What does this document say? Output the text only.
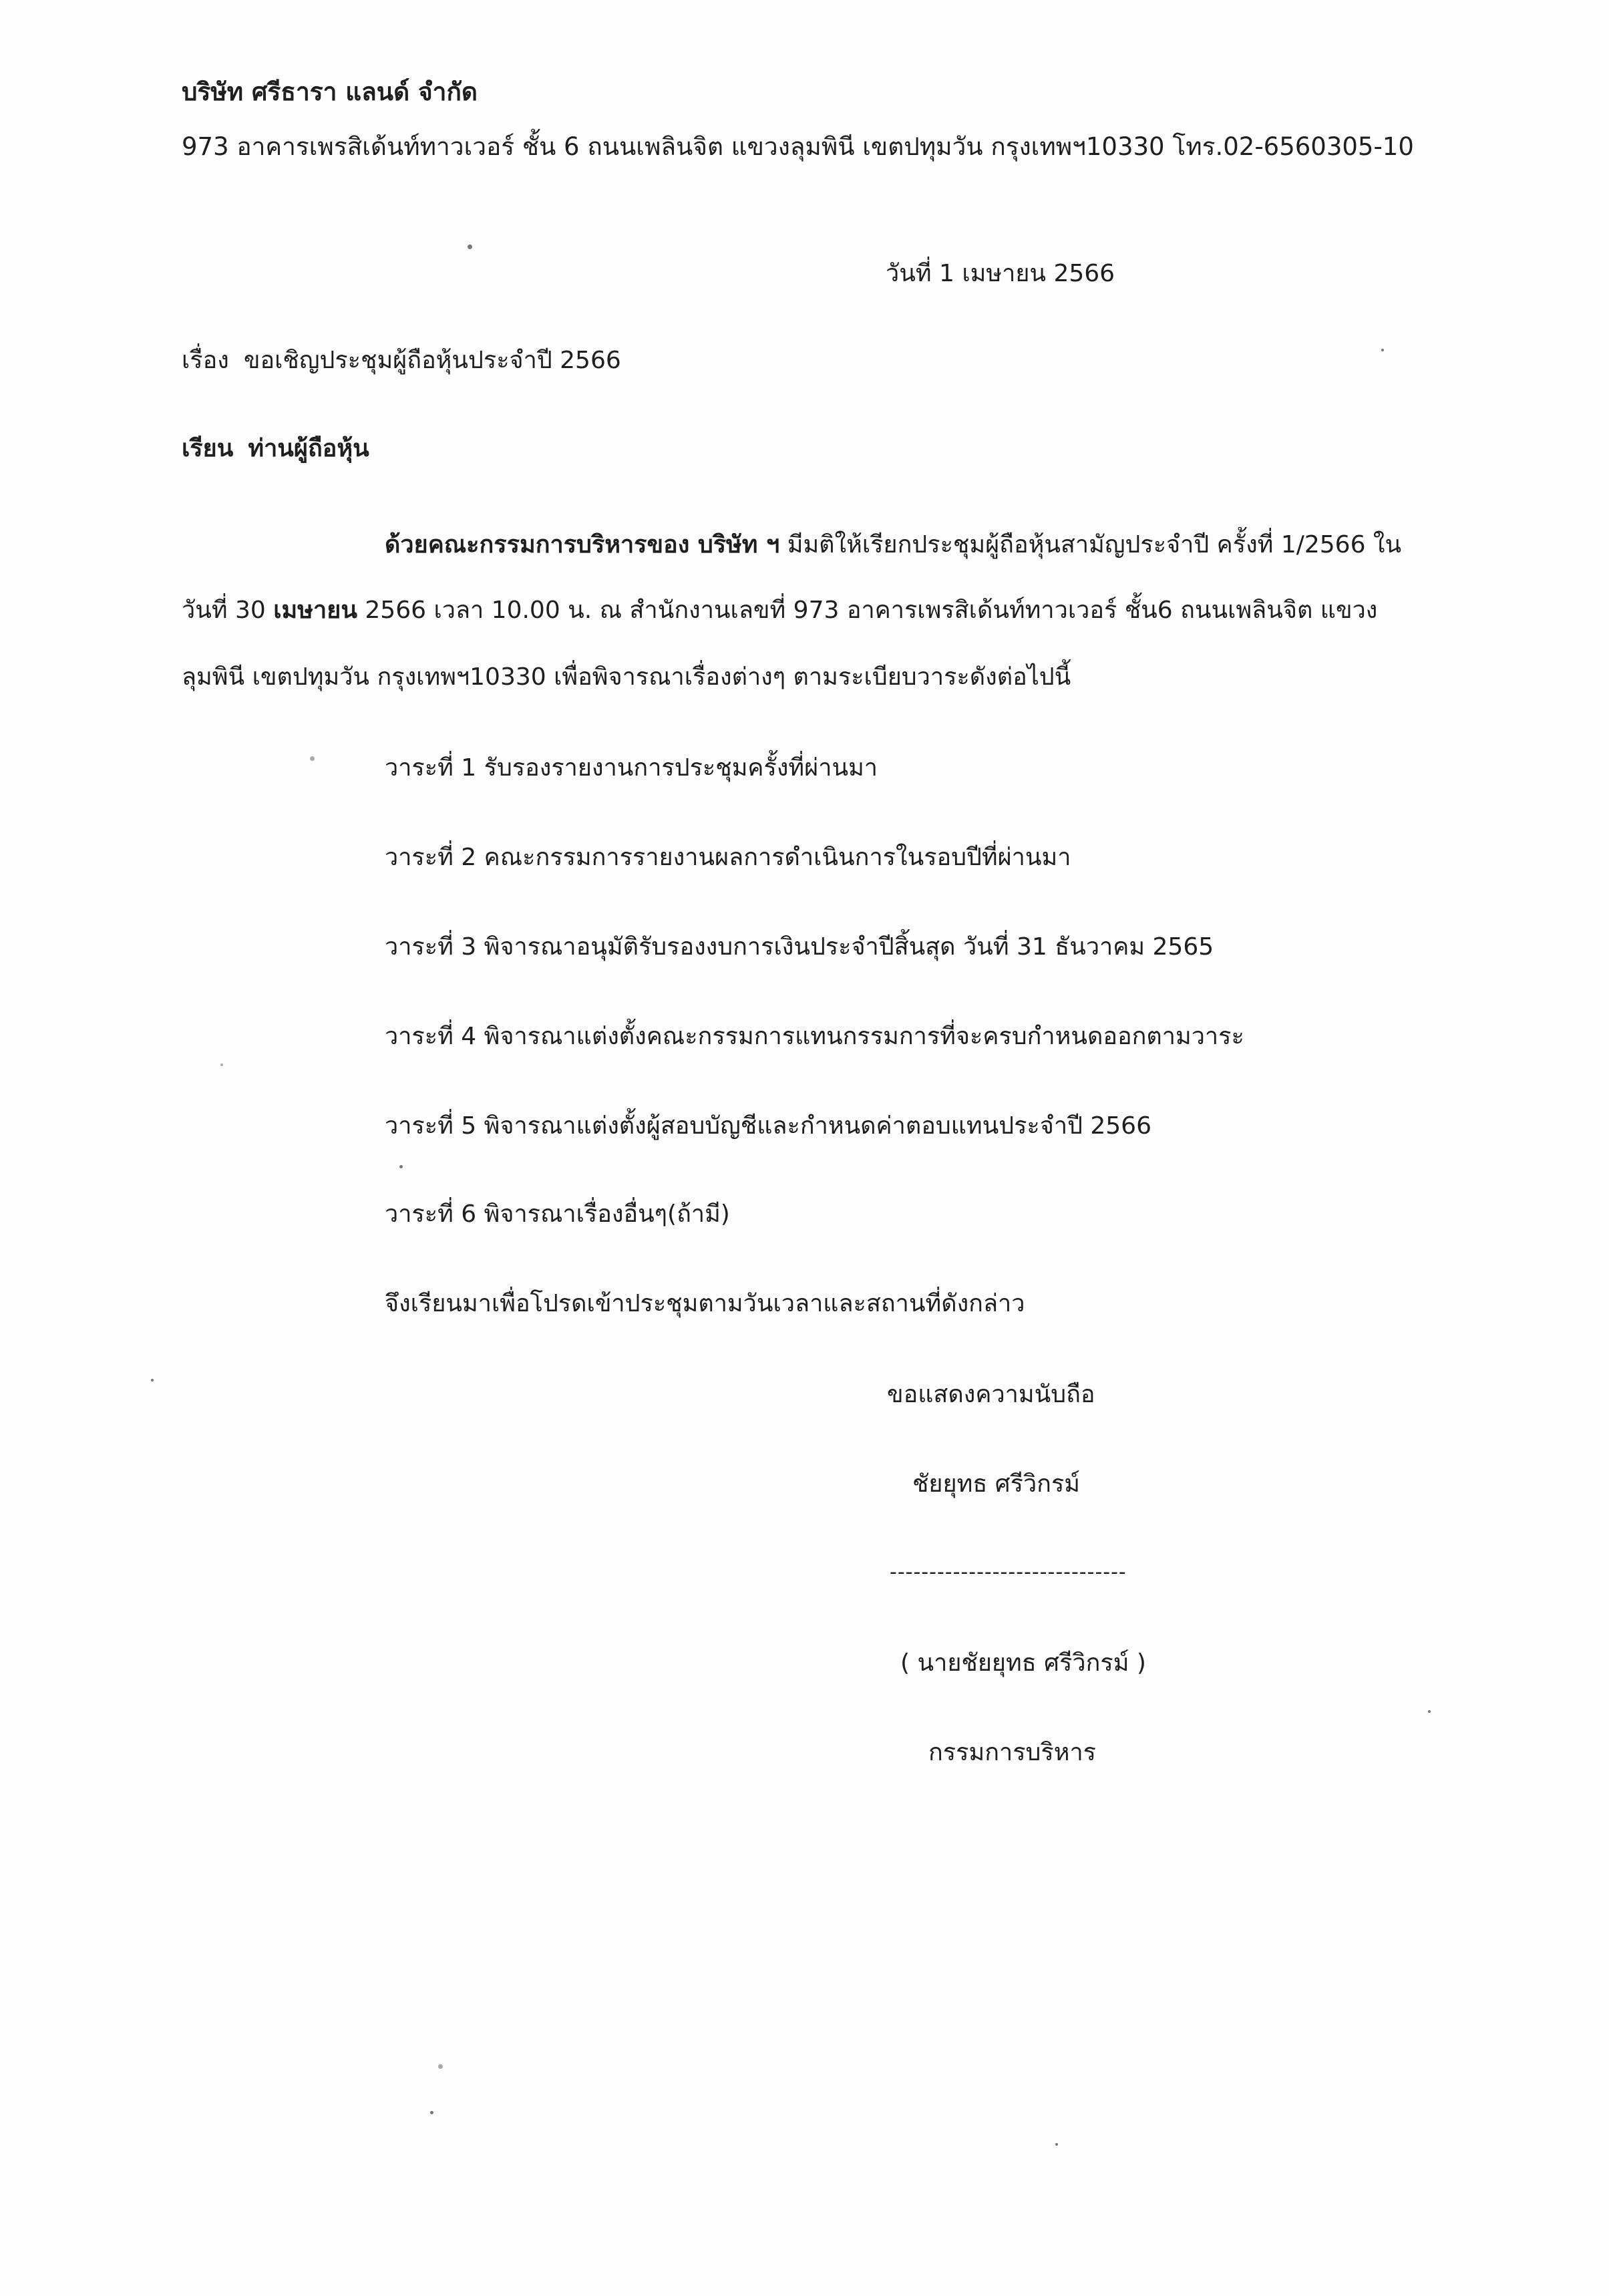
บริษัท ศรีธารา แลนด์ จำกัด
973 อาคารเพรสิเด้นท์ทาวเวอร์ ชั้น 6 ถนนเพลินจิต แขวงลุมพินี เขตปทุมวัน กรุงเทพฯ10330 โทร.02-6560305-10
วันที่ 1 เมษายน 2566
เรื่อง ขอเชิญประชุมผู้ถือหุ้นประจำปี 2566
เรียน ท่านผู้ถือหุ้น
ด้วยคณะกรรมการบริหารของ บริษัท ฯ มีมติให้เรียกประชุมผู้ถือหุ้นสามัญประจำปี ครั้งที่ 1/2566 ใน
วันที่ 30 เมษายน 2566 เวลา 10.00 น. ณ สำนักงานเลขที่ 973 อาคารเพรสิเด้นท์ทาวเวอร์ ชั้น6 ถนนเพลินจิต แขวง
ลุมพินี เขตปทุมวัน กรุงเทพฯ10330 เพื่อพิจารณาเรื่องต่างๆ ตามระเบียบวาระดังต่อไปนี้
วาระที่ 1 รับรองรายงานการประชุมครั้งที่ผ่านมา
วาระที่ 2 คณะกรรมการรายงานผลการดำเนินการในรอบปีที่ผ่านมา
วาระที่ 3 พิจารณาอนุมัติรับรองงบการเงินประจำปีสิ้นสุด วันที่ 31 ธันวาคม 2565
วาระที่ 4 พิจารณาแต่งตั้งคณะกรรมการแทนกรรมการที่จะครบกำหนดออกตามวาระ
วาระที่ 5 พิจารณาแต่งตั้งผู้สอบบัญชีและกำหนดค่าตอบแทนประจำปี 2566
วาระที่ 6 พิจารณาเรื่องอื่นๆ(ถ้ามี)
จึงเรียนมาเพื่อโปรดเข้าประชุมตามวันเวลาและสถานที่ดังกล่าว
ขอแสดงความนับถือ
ชัยยุทธ ศรีวิกรม์
------------------------------
( นายชัยยุทธ ศรีวิกรม์ )
กรรมการบริหาร
